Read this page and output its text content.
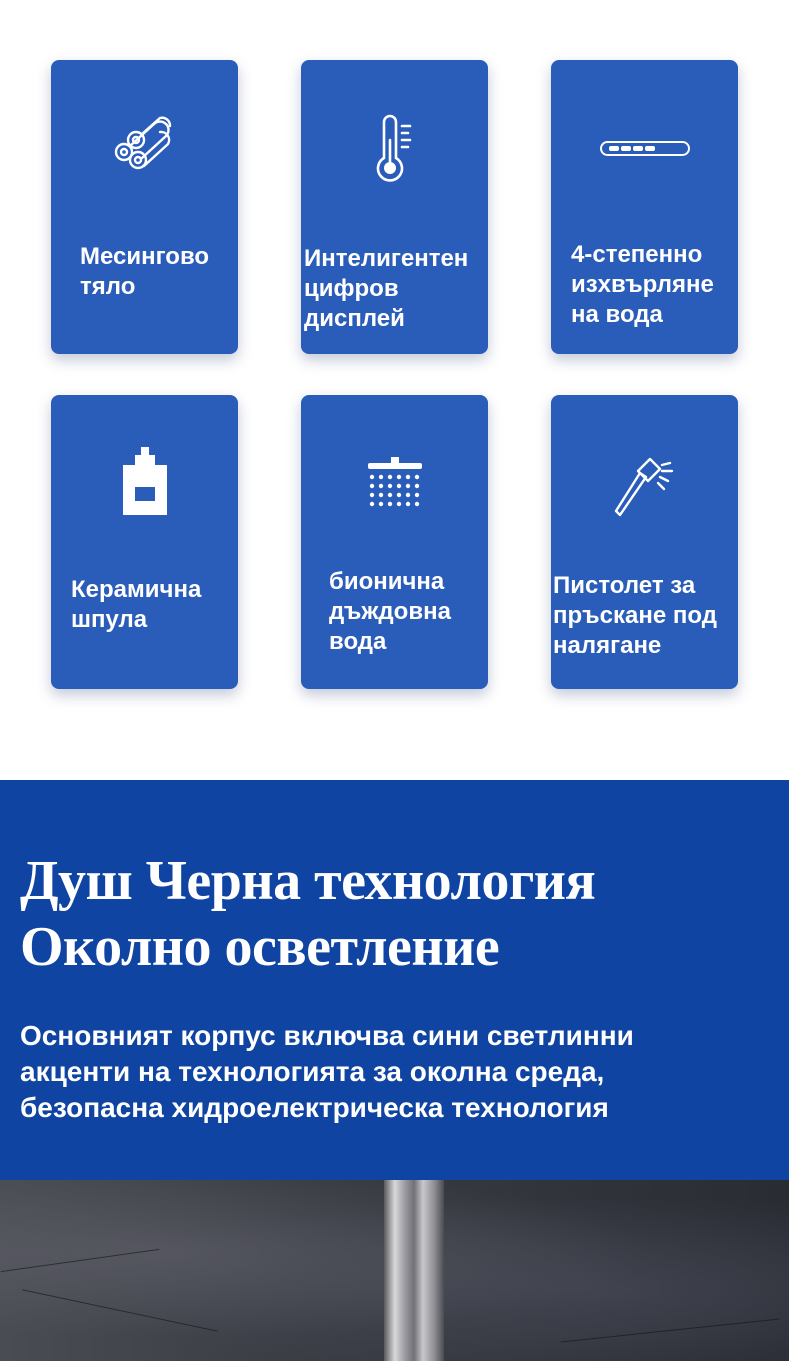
Месингово
тяло
Интелигентен
цифров
дисплей
4-степенно
изхвърляне
на вода
Керамична
шпула
бионична
дъждовна
вода
Пистолет за
пръскане под
налягане
Душ Черна технология
Околно осветление

Основният корпус включва сини светлинни
акценти на технологията за околна среда,
безопасна хидроелектрическа технология
